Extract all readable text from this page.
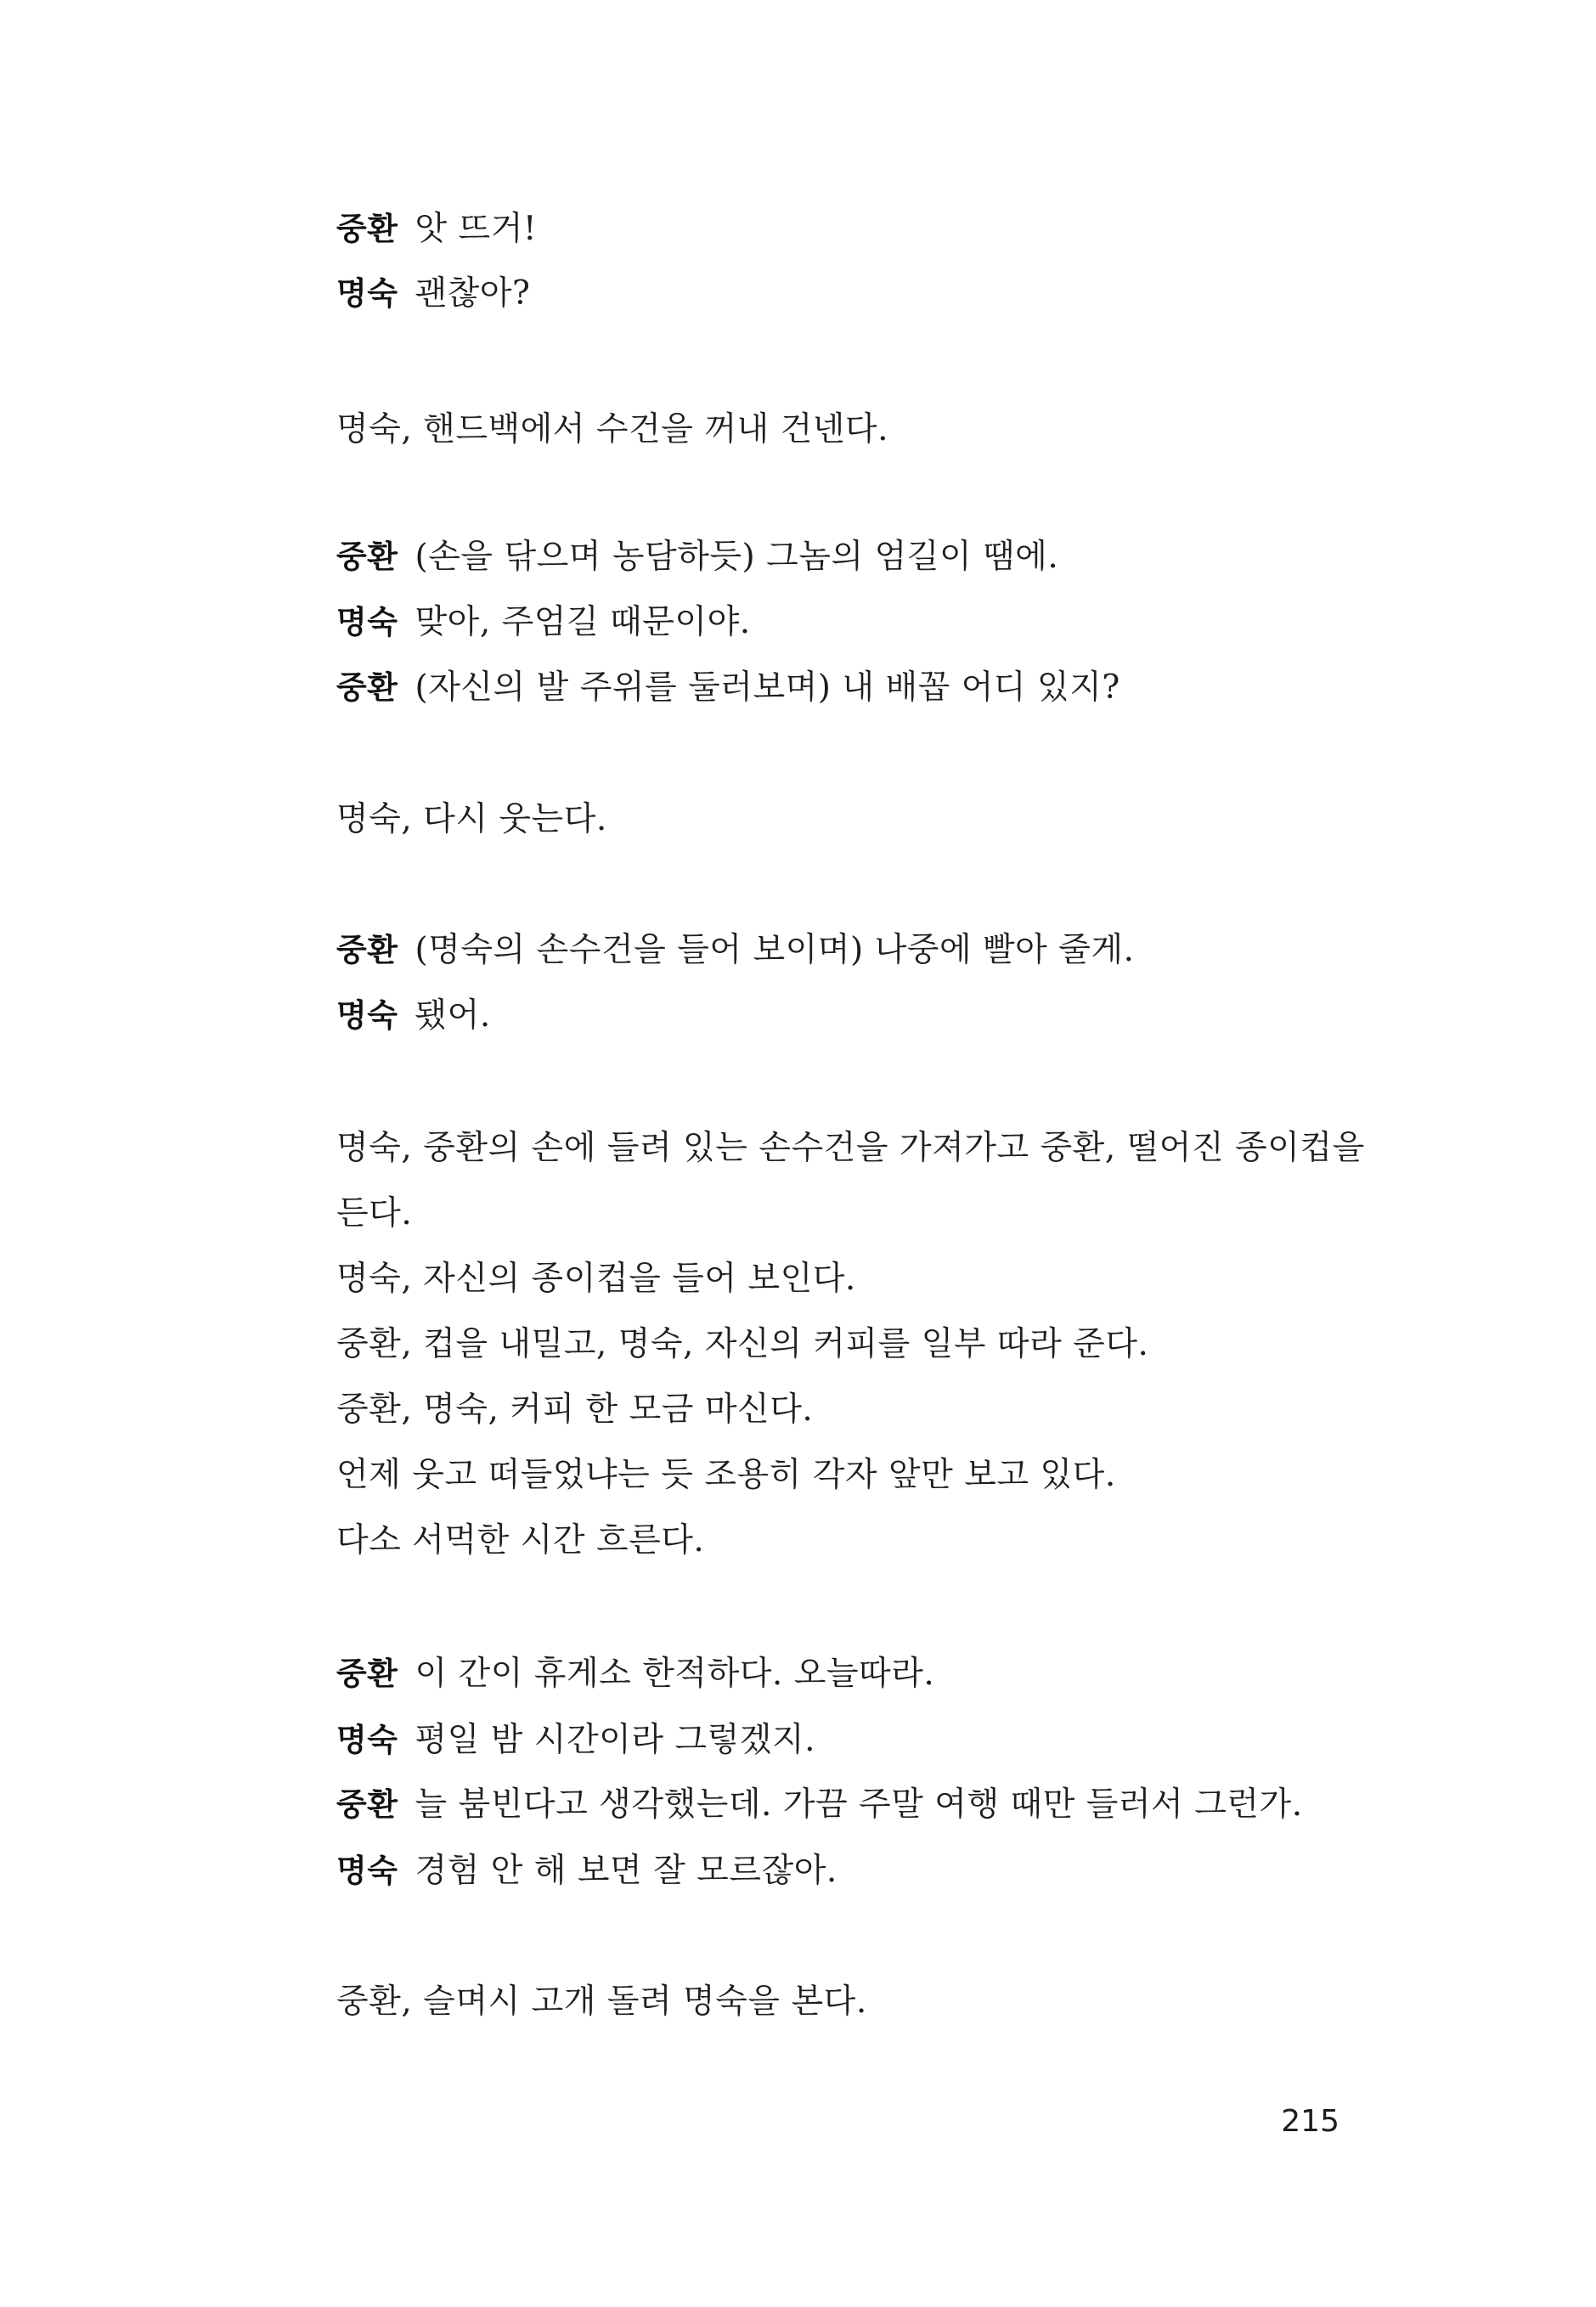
중환 앗 뜨거!
명숙 괜찮아?
명숙, 핸드백에서 수건을 꺼내 건넨다.
중환 (손을 닦으며 농담하듯) 그놈의 엄길이 땜에.
명숙 맞아, 주엄길 때문이야.
중환 (자신의 발 주위를 둘러보며) 내 배꼽 어디 있지?
명숙, 다시 웃는다.
중환 (명숙의 손수건을 들어 보이며) 나중에 빨아 줄게.
명숙 됐어.
명숙, 중환의 손에 들려 있는 손수건을 가져가고 중환, 떨어진 종이컵을
든다.
명숙, 자신의 종이컵을 들어 보인다.
중환, 컵을 내밀고, 명숙, 자신의 커피를 일부 따라 준다.
중환, 명숙, 커피 한 모금 마신다.
언제 웃고 떠들었냐는 듯 조용히 각자 앞만 보고 있다.
다소 서먹한 시간 흐른다.
중환 이 간이 휴게소 한적하다. 오늘따라.
명숙 평일 밤 시간이라 그렇겠지.
중환 늘 붐빈다고 생각했는데. 가끔 주말 여행 때만 들러서 그런가.
명숙 경험 안 해 보면 잘 모르잖아.
중환, 슬며시 고개 돌려 명숙을 본다.
215
